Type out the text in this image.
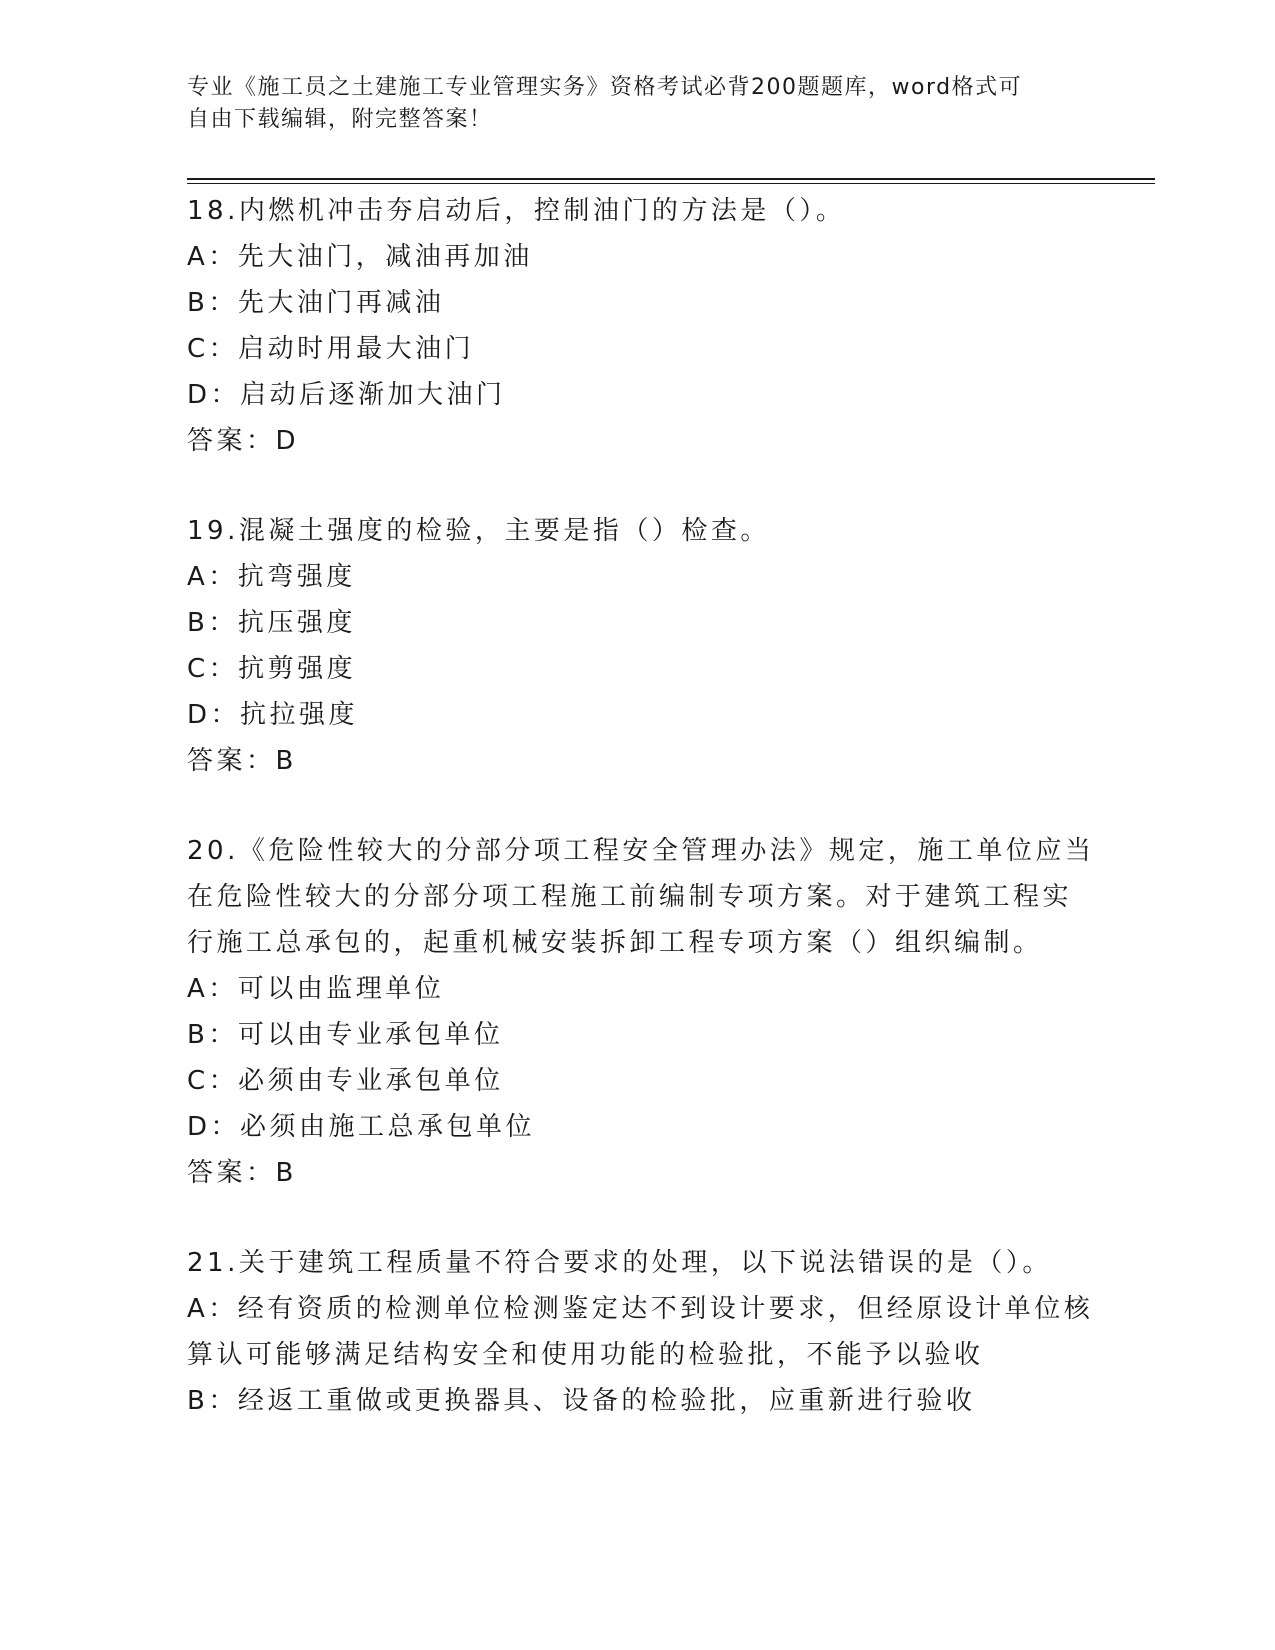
专业《施工员之土建施工专业管理实务》资格考试必背200题题库，word格式可
自由下载编辑，附完整答案！
18.内燃机冲击夯启动后，控制油门的方法是（）。
A：先大油门，减油再加油
B：先大油门再减油
C：启动时用最大油门
D：启动后逐渐加大油门
答案：D
19.混凝土强度的检验，主要是指（）检查。
A：抗弯强度
B：抗压强度
C：抗剪强度
D：抗拉强度
答案：B
20.《危险性较大的分部分项工程安全管理办法》规定，施工单位应当
在危险性较大的分部分项工程施工前编制专项方案。对于建筑工程实
行施工总承包的，起重机械安装拆卸工程专项方案（）组织编制。
A：可以由监理单位
B：可以由专业承包单位
C：必须由专业承包单位
D：必须由施工总承包单位
答案：B
21.关于建筑工程质量不符合要求的处理，以下说法错误的是（）。
A：经有资质的检测单位检测鉴定达不到设计要求，但经原设计单位核
算认可能够满足结构安全和使用功能的检验批，不能予以验收
B：经返工重做或更换器具、设备的检验批，应重新进行验收
